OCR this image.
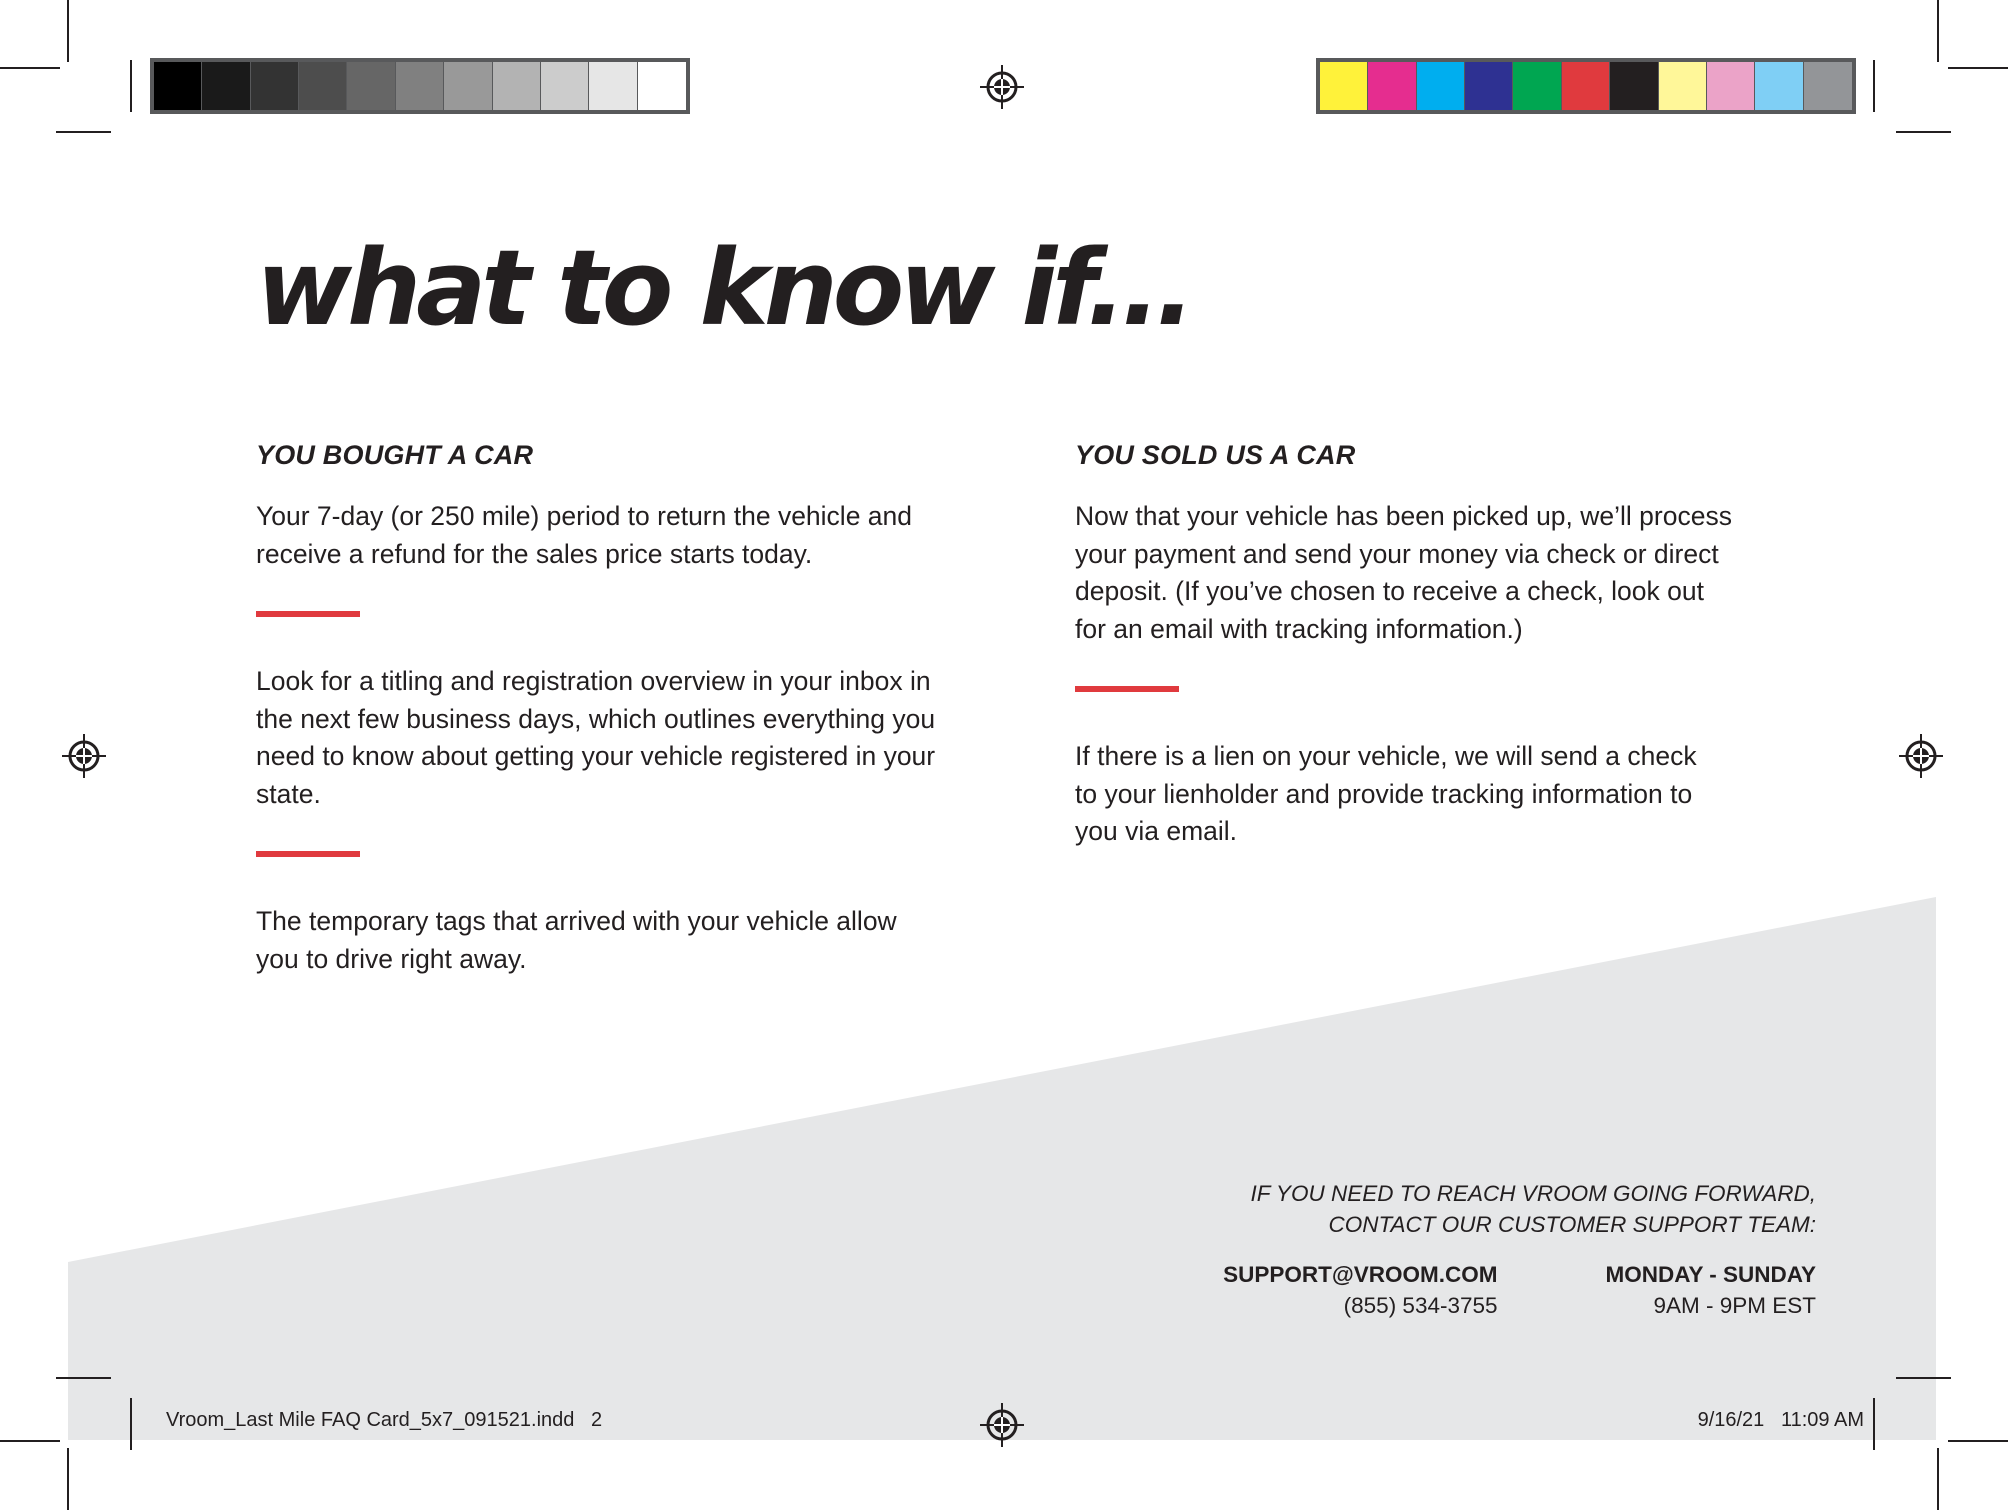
what to know if...
YOU BOUGHT A CAR

Your 7-day (or 250 mile) period to return the vehicle and receive a refund for the sales price starts today.

Look for a titling and registration overview in your inbox in the next few business days, which outlines everything you need to know about getting your vehicle registered in your state.

The temporary tags that arrived with your vehicle allow you to drive right away.

YOU SOLD US A CAR

Now that your vehicle has been picked up, we’ll process your payment and send your money via check or direct deposit. (If you’ve chosen to receive a check, look out for an email with tracking information.)

If there is a lien on your vehicle, we will send a check to your lienholder and provide tracking information to you via email.

IF YOU NEED TO REACH VROOM GOING FORWARD,
CONTACT OUR CUSTOMER SUPPORT TEAM:
SUPPORT@VROOM.COM
(855) 534-3755
MONDAY - SUNDAY
9AM - 9PM EST
Vroom_Last Mile FAQ Card_5x7_091521.indd   2	9/16/21   11:09 AM
